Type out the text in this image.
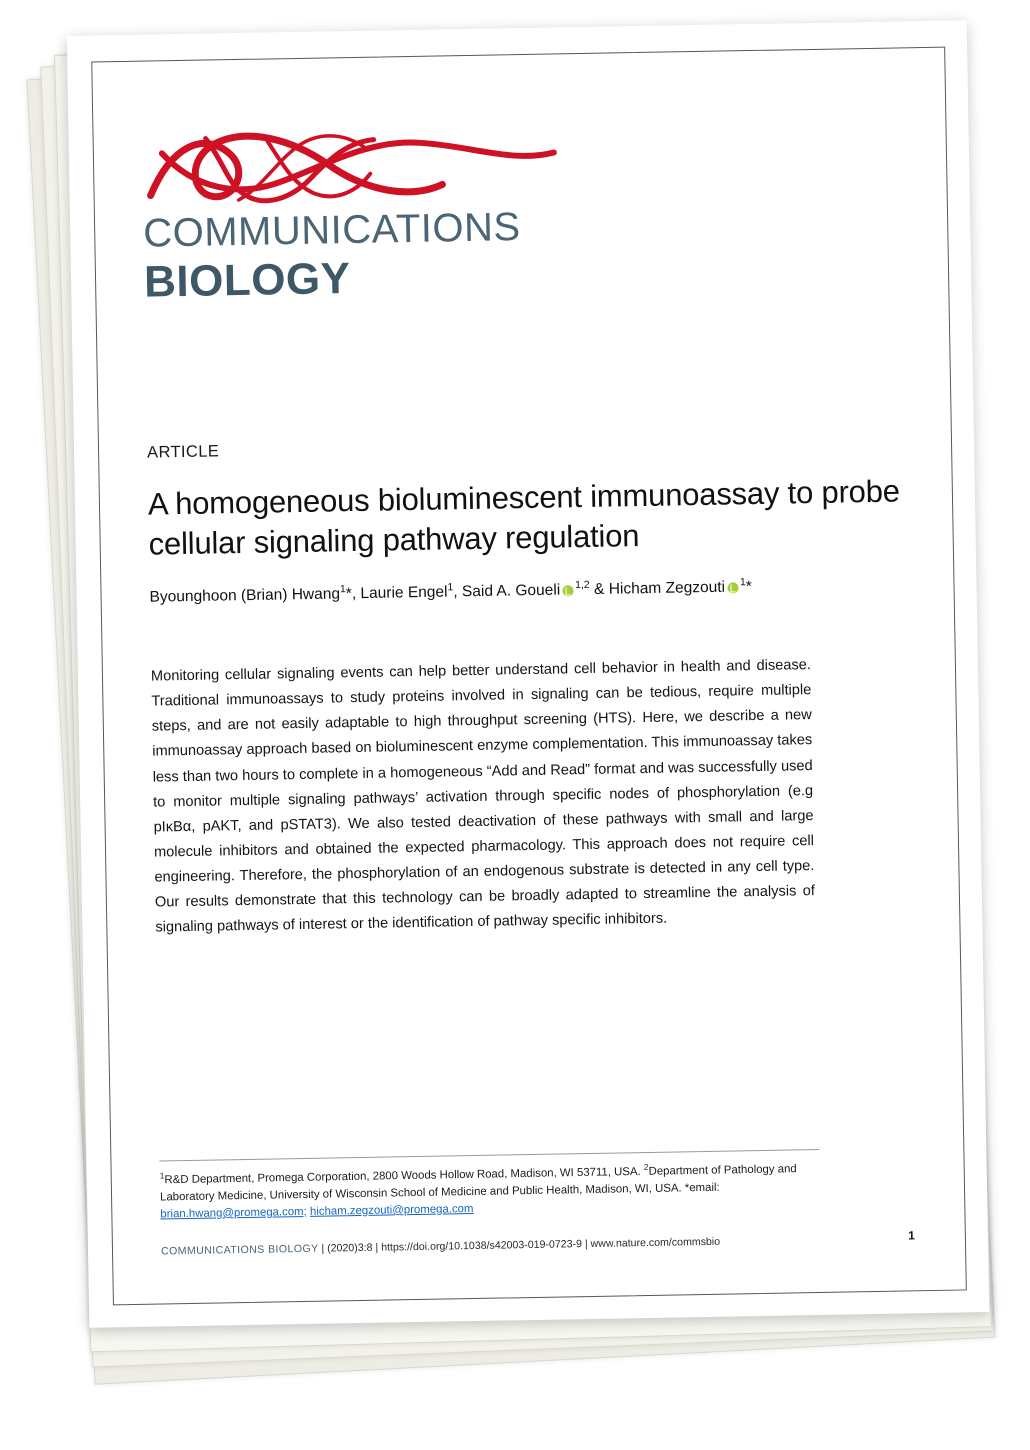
COMMUNICATIONS
BIOLOGY
ARTICLE
A homogeneous bioluminescent immunoassay to probe cellular signaling pathway regulation
Byounghoon (Brian) Hwang$^1$*, Laurie Engel$^1$, Said A. Goueli $^{1,2}$ & Hicham Zegzouti $^1$*
Monitoring cellular signaling events can help better understand cell behavior in health and disease. Traditional immunoassays to study proteins involved in signaling can be tedious, require multiple steps, and are not easily adaptable to high throughput screening (HTS). Here, we describe a new immunoassay approach based on bioluminescent enzyme complementation. This immunoassay takes less than two hours to complete in a homogeneous “Add and Read” format and was successfully used to monitor multiple signaling pathways’ activation through specific nodes of phosphorylation (e.g pIκBα, pAKT, and pSTAT3). We also tested deactivation of these pathways with small and large molecule inhibitors and obtained the expected pharmacology. This approach does not require cell engineering. Therefore, the phosphorylation of an endogenous substrate is detected in any cell type. Our results demonstrate that this technology can be broadly adapted to streamline the analysis of signaling pathways of interest or the identification of pathway specific inhibitors.
$^1$R&D Department, Promega Corporation, 2800 Woods Hollow Road, Madison, WI 53711, USA. $^2$Department of Pathology and Laboratory Medicine, University of Wisconsin School of Medicine and Public Health, Madison, WI, USA. *email: brian.hwang@promega.com; hicham.zegzouti@promega.com
COMMUNICATIONS BIOLOGY | (2020)3:8 | https://doi.org/10.1038/s42003-019-0723-9 | www.nature.com/commsbio
1
